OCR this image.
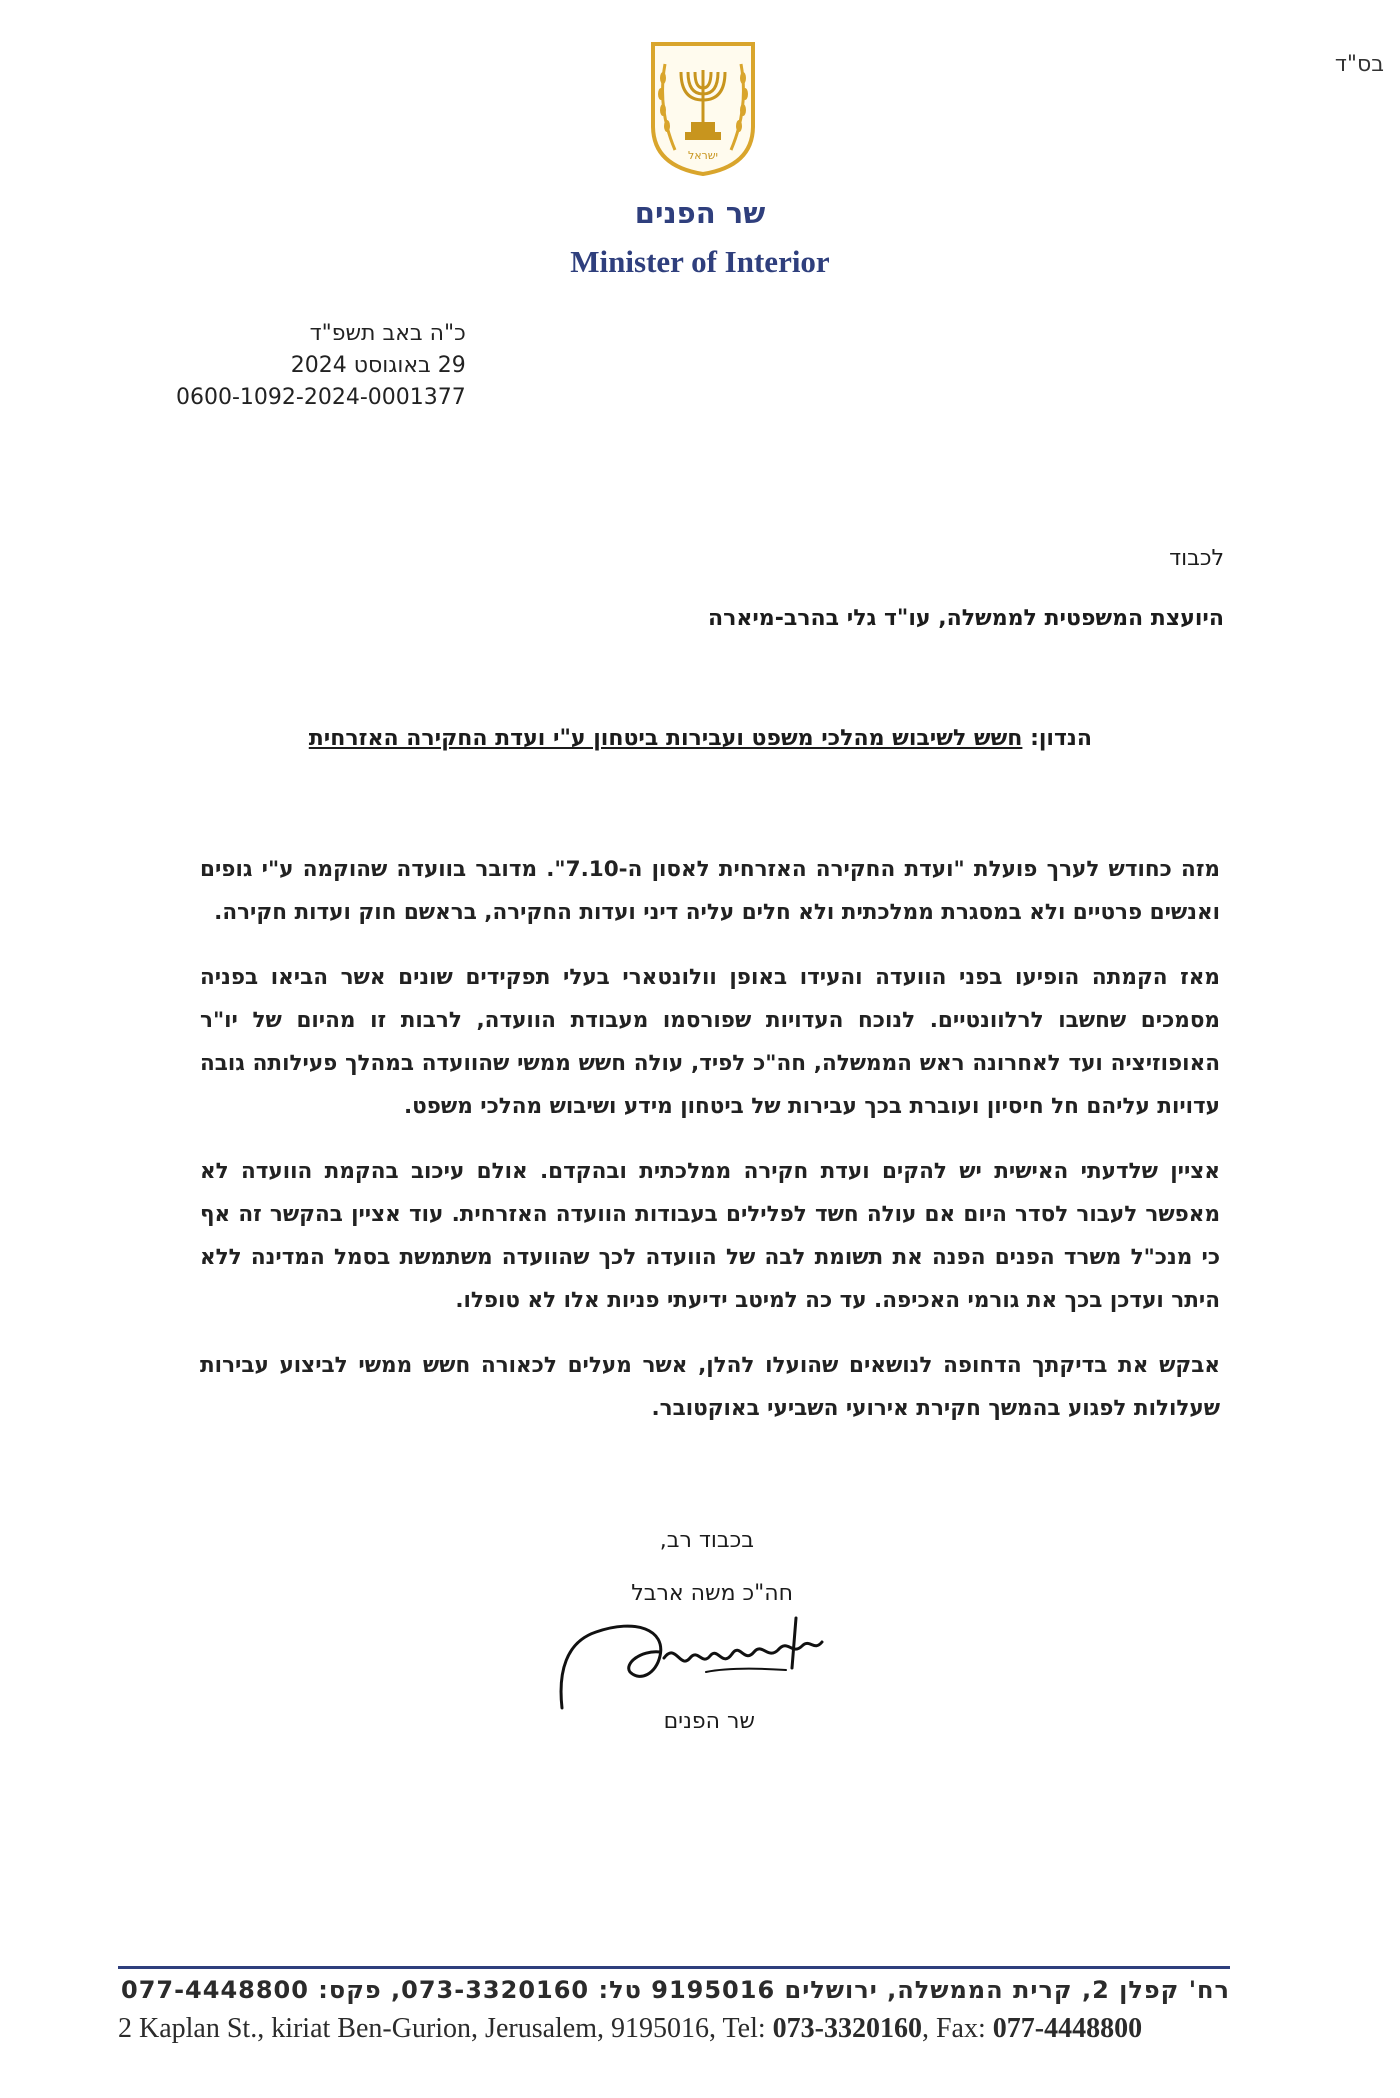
בס"ד
ישראל
שר הפנים
Minister of Interior
כ"ה באב תשפ"ד
29 באוגוסט 2024
0600-1092-2024-0001377
לכבוד
היועצת המשפטית לממשלה, עו"ד גלי בהרב-מיארה
הנדון: חשש לשיבוש מהלכי משפט ועבירות ביטחון ע"י ועדת החקירה האזרחית

מזה כחודש לערך פועלת "ועדת החקירה האזרחית לאסון ה-7.10". מדובר בוועדה שהוקמה ע"י גופים ואנשים פרטיים ולא במסגרת ממלכתית ולא חלים עליה דיני ועדות החקירה, בראשם חוק ועדות חקירה.

מאז הקמתה הופיעו בפני הוועדה והעידו באופן וולונטארי בעלי תפקידים שונים אשר הביאו בפניה מסמכים שחשבו לרלוונטיים. לנוכח העדויות שפורסמו מעבודת הוועדה, לרבות זו מהיום של יו"ר האופוזיציה ועד לאחרונה ראש הממשלה, חה"כ לפיד, עולה חשש ממשי שהוועדה במהלך פעילותה גובה עדויות עליהם חל חיסיון ועוברת בכך עבירות של ביטחון מידע ושיבוש מהלכי משפט.

אציין שלדעתי האישית יש להקים ועדת חקירה ממלכתית ובהקדם. אולם עיכוב בהקמת הוועדה לא מאפשר לעבור לסדר היום אם עולה חשד לפלילים בעבודות הוועדה האזרחית. עוד אציין בהקשר זה אף כי מנכ"ל משרד הפנים הפנה את תשומת לבה של הוועדה לכך שהוועדה משתמשת בסמל המדינה ללא היתר ועדכן בכך את גורמי האכיפה. עד כה למיטב ידיעתי פניות אלו לא טופלו.

אבקש את בדיקתך הדחופה לנושאים שהועלו להלן, אשר מעלים לכאורה חשש ממשי לביצוע עבירות שעלולות לפגוע בהמשך חקירת אירועי השביעי באוקטובר.

בכבוד רב,
חה"כ משה ארבל
שר הפנים
רח' קפלן 2, קרית הממשלה, ירושלים 9195016 טל: 073-3320160, פקס: 077-4448800
2 Kaplan St., kiriat Ben-Gurion, Jerusalem, 9195016, Tel: 073-3320160, Fax: 077-4448800
